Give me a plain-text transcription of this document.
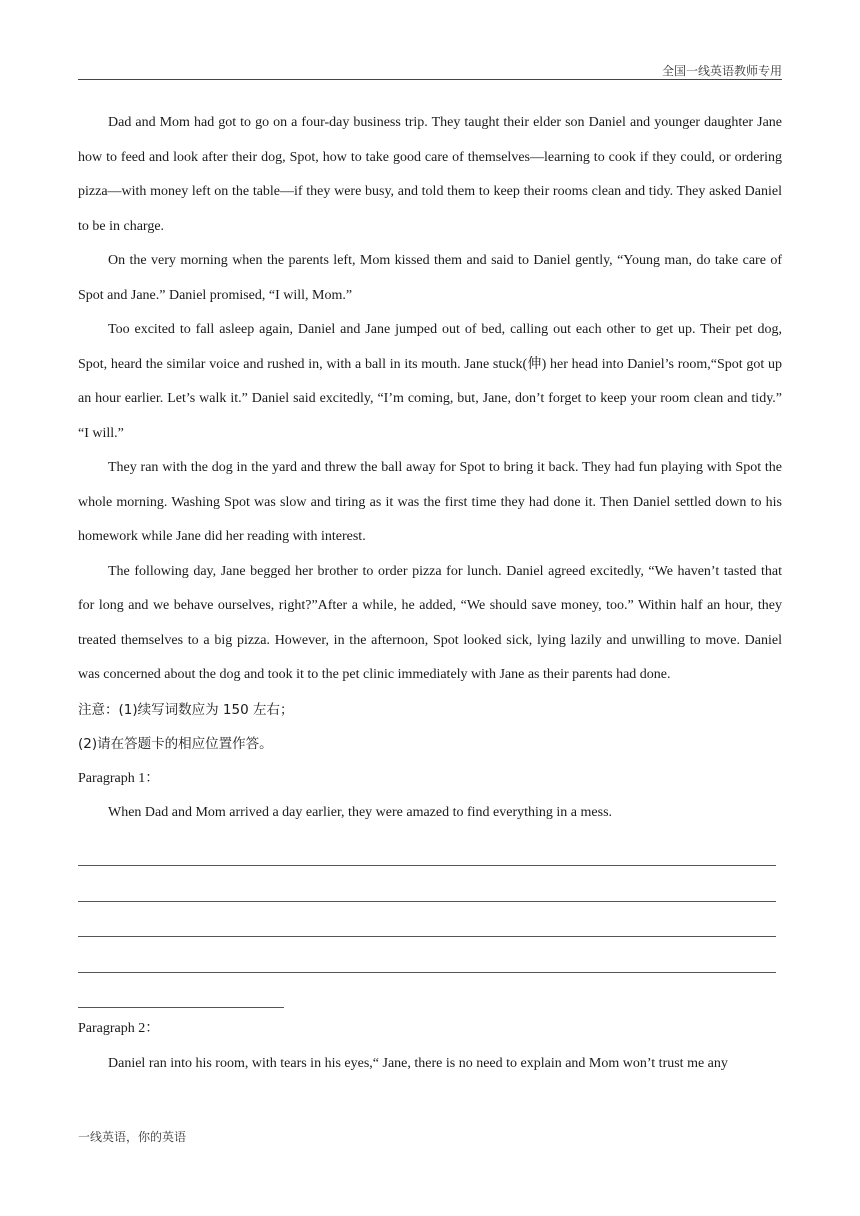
全国一线英语教师专用

Dad and Mom had got to go on a four-day business trip. They taught their elder son Daniel and younger daughter Jane how to feed and look after their dog, Spot, how to take good care of themselves—learning to cook if they could, or ordering pizza—with money left on the table—if they were busy, and told them to keep their rooms clean and tidy. They asked Daniel to be in charge.

On the very morning when the parents left, Mom kissed them and said to Daniel gently, “Young man, do take care of Spot and Jane.” Daniel promised, “I will, Mom.”

Too excited to fall asleep again, Daniel and Jane jumped out of bed, calling out each other to get up. Their pet dog, Spot, heard the similar voice and rushed in, with a ball in its mouth. Jane stuck(伸) her head into Daniel’s room,“Spot got up an hour earlier. Let’s walk it.” Daniel said excitedly, “I’m coming, but, Jane, don’t forget to keep your room clean and tidy.” “I will.”

They ran with the dog in the yard and threw the ball away for Spot to bring it back. They had fun playing with Spot the whole morning. Washing Spot was slow and tiring as it was the first time they had done it. Then Daniel settled down to his homework while Jane did her reading with interest.

The following day, Jane begged her brother to order pizza for lunch. Daniel agreed excitedly, “We haven’t tasted that for long and we behave ourselves, right?”After a while, he added, “We should save money, too.” Within half an hour, they treated themselves to a big pizza. However, in the afternoon, Spot looked sick, lying lazily and unwilling to move. Daniel was concerned about the dog and took it to the pet clinic immediately with Jane as their parents had done.

注意：(1)续写词数应为 150 左右；

(2)请在答题卡的相应位置作答。

Paragraph 1：

When Dad and Mom arrived a day earlier, they were amazed to find everything in a mess.

Paragraph 2：

Daniel ran into his room, with tears in his eyes,“ Jane, there is no need to explain and Mom won’t trust me any

一线英语，你的英语
